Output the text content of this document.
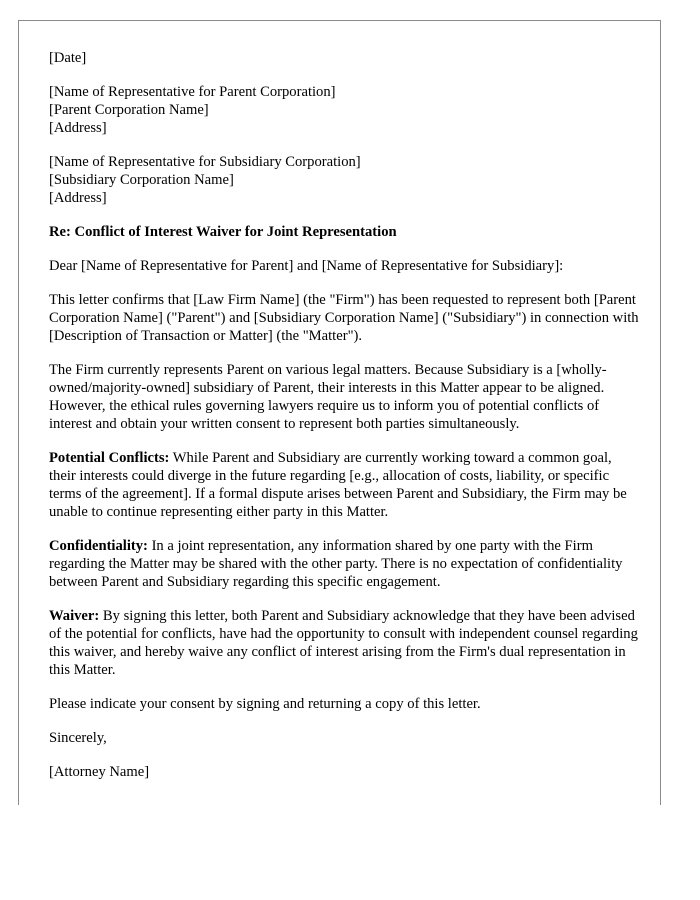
[Date]

[Name of Representative for Parent Corporation]
[Parent Corporation Name]
[Address]

[Name of Representative for Subsidiary Corporation]
[Subsidiary Corporation Name]
[Address]

Re: Conflict of Interest Waiver for Joint Representation

Dear [Name of Representative for Parent] and [Name of Representative for Subsidiary]:

This letter confirms that [Law Firm Name] (the "Firm") has been requested to represent both [Parent Corporation Name] ("Parent") and [Subsidiary Corporation Name] ("Subsidiary") in connection with [Description of Transaction or Matter] (the "Matter").

The Firm currently represents Parent on various legal matters. Because Subsidiary is a [wholly-owned/majority-owned] subsidiary of Parent, their interests in this Matter appear to be aligned. However, the ethical rules governing lawyers require us to inform you of potential conflicts of interest and obtain your written consent to represent both parties simultaneously.

Potential Conflicts: While Parent and Subsidiary are currently working toward a common goal, their interests could diverge in the future regarding [e.g., allocation of costs, liability, or specific terms of the agreement]. If a formal dispute arises between Parent and Subsidiary, the Firm may be unable to continue representing either party in this Matter.

Confidentiality: In a joint representation, any information shared by one party with the Firm regarding the Matter may be shared with the other party. There is no expectation of confidentiality between Parent and Subsidiary regarding this specific engagement.

Waiver: By signing this letter, both Parent and Subsidiary acknowledge that they have been advised of the potential for conflicts, have had the opportunity to consult with independent counsel regarding this waiver, and hereby waive any conflict of interest arising from the Firm's dual representation in this Matter.

Please indicate your consent by signing and returning a copy of this letter.

Sincerely,

[Attorney Name]
